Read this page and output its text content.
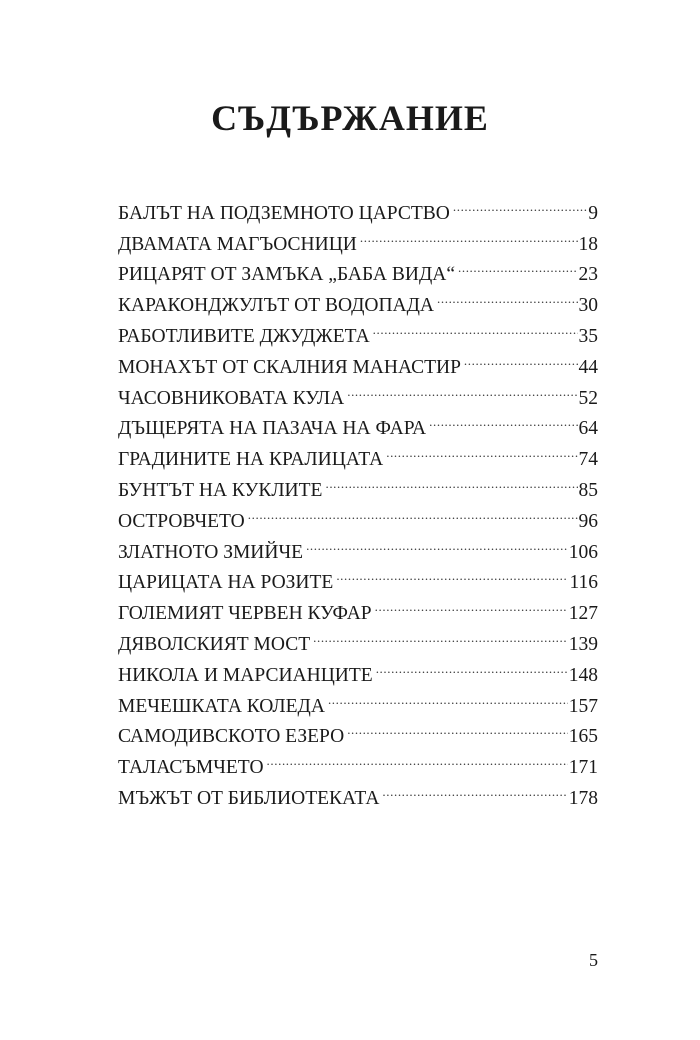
СЪДЪРЖАНИЕ
БАЛЪТ НА ПОДЗЕМНОТО ЦАРСТВО .....	9
ДВАМАТА МАГЪОСНИЦИ .....	18
РИЦАРЯТ ОТ ЗАМЪКА „БАБА ВИДА“ .....	23
КАРАКОНДЖУЛЪТ ОТ ВОДОПАДА .....	30
РАБОТЛИВИТЕ ДЖУДЖЕТА .....	35
МОНАХЪТ ОТ СКАЛНИЯ МАНАСТИР .....	44
ЧАСОВНИКОВАТА КУЛА .....	52
ДЪЩЕРЯТА НА ПАЗАЧА НА ФАРА .....	64
ГРАДИНИТЕ НА КРАЛИЦАТА .....	74
БУНТЪТ НА КУКЛИТЕ .....	85
ОСТРОВЧЕТО .....	96
ЗЛАТНОТО ЗМИЙЧЕ .....	106
ЦАРИЦАТА НА РОЗИТЕ .....	116
ГОЛЕМИЯТ ЧЕРВЕН КУФАР .....	127
ДЯВОЛСКИЯТ МОСТ .....	139
НИКОЛА И МАРСИАНЦИТЕ .....	148
МЕЧЕШКАТА КОЛЕДА .....	157
САМОДИВСКОТО ЕЗЕРО .....	165
ТАЛАСЪМЧЕТО .....	171
МЪЖЪТ ОТ БИБЛИОТЕКАТА .....	178
5
